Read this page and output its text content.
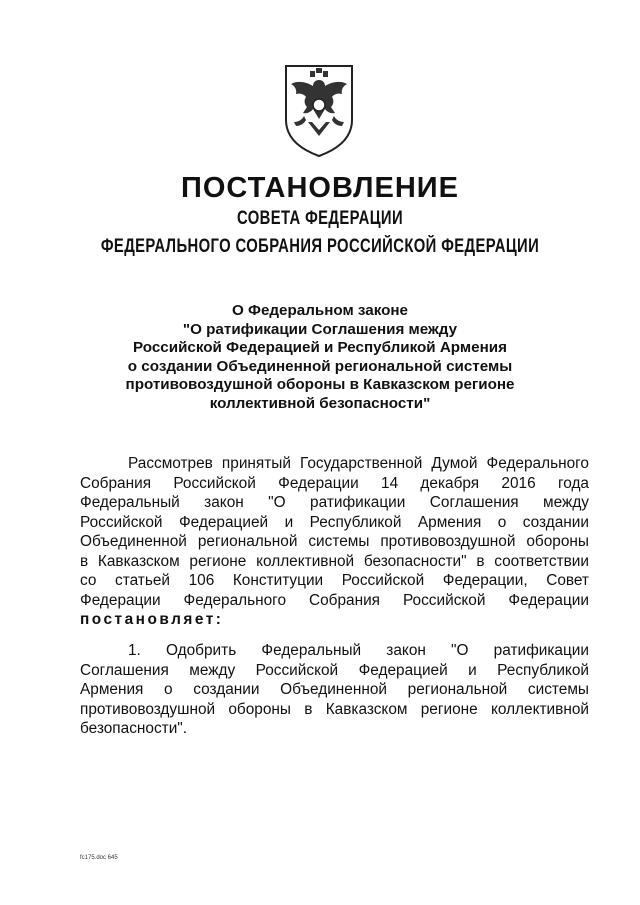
ПОСТАНОВЛЕНИЕ
СОВЕТА ФЕДЕРАЦИИ
ФЕДЕРАЛЬНОГО СОБРАНИЯ РОССИЙСКОЙ ФЕДЕРАЦИИ
О Федеральном законе
"О ратификации Соглашения между
Российской Федерацией и Республикой Армения
о создании Объединенной региональной системы
противовоздушной обороны в Кавказском регионе
коллективной безопасности"
Рассмотрев принятый Государственной Думой Федерального
Собрания Российской Федерации 14 декабря 2016 года
Федеральный закон "О ратификации Соглашения между
Российской Федерацией и Республикой Армения о создании
Объединенной региональной системы противовоздушной обороны
в Кавказском регионе коллективной безопасности" в соответствии
со статьей 106 Конституции Российской Федерации, Совет
Федерации Федерального Собрания Российской Федерации
постановляет:
1. Одобрить Федеральный закон "О ратификации
Соглашения между Российской Федерацией и Республикой
Армения о создании Объединенной региональной системы
противовоздушной обороны в Кавказском регионе коллективной
безопасности".
fc175.doc 645
